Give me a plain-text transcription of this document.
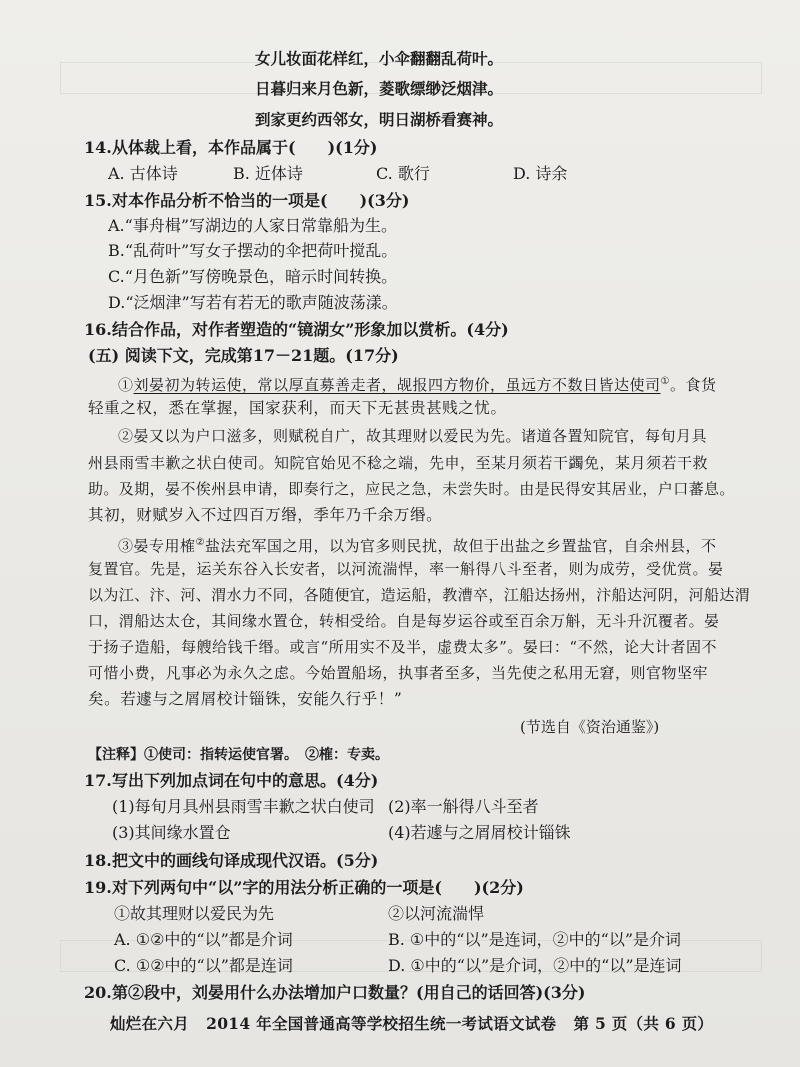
女儿妆面花样红，小伞翻翻乱荷叶。
日暮归来月色新，菱歌缥缈泛烟津。
到家更约西邻女，明日湖桥看赛神。
14.从体裁上看，本作品属于(　　)(1分)
A. 古体诗	B. 近体诗	C. 歌行	D. 诗余
15.对本作品分析不恰当的一项是(　　)(3分)
A.“事舟楫”写湖边的人家日常靠船为生。
B.“乱荷叶”写女子摆动的伞把荷叶搅乱。
C.“月色新”写傍晚景色，暗示时间转换。
D.“泛烟津”写若有若无的歌声随波荡漾。
16.结合作品，对作者塑造的“镜湖女”形象加以赏析。(4分)
(五) 阅读下文，完成第17－21题。(17分)
①刘晏初为转运使，常以厚直募善走者，觇报四方物价，虽远方不数日皆达使司①。食货
轻重之权，悉在掌握，国家获利，而天下无甚贵甚贱之忧。
②晏又以为户口滋多，则赋税自广，故其理财以爱民为先。诸道各置知院官，每旬月具
州县雨雪丰歉之状白使司。知院官始见不稔之端，先申，至某月须若干蠲免，某月须若干救
助。及期，晏不俟州县申请，即奏行之，应民之急，未尝失时。由是民得安其居业，户口蕃息。
其初，财赋岁入不过四百万缗，季年乃千余万缗。
③晏专用榷②盐法充军国之用，以为官多则民扰，故但于出盐之乡置盐官，自余州县，不
复置官。先是，运关东谷入长安者，以河流湍悍，率一斛得八斗至者，则为成劳，受优赏。晏
以为江、汴、河、渭水力不同，各随便宜，造运船，教漕卒，江船达扬州，汴船达河阴，河船达渭
口，渭船达太仓，其间缘水置仓，转相受给。自是每岁运谷或至百余万斛，无斗升沉覆者。晏
于扬子造船，每艘给钱千缗。或言“所用实不及半，虚费太多”。晏曰：“不然，论大计者固不
可惜小费，凡事必为永久之虑。今始置船场，执事者至多，当先使之私用无窘，则官物坚牢
矣。若遽与之屑屑校计锱铢，安能久行乎！”
(节选自《资治通鉴》)
【注释】①使司：指转运使官署。　②榷：专卖。
17.写出下列加点词在句中的意思。(4分)
(1)每旬月具州县雨雪丰歉之状白使司 (2)率一斛得八斗至者
(3)其间缘水置仓	(4)若遽与之屑屑校计锱铢
18.把文中的画线句译成现代汉语。(5分)
19.对下列两句中“以”字的用法分析正确的一项是(　　)(2分)
①故其理财以爱民为先	②以河流湍悍
A. ①②中的“以”都是介词	B. ①中的“以”是连词，②中的“以”是介词
C. ①②中的“以”都是连词	D. ①中的“以”是介词，②中的“以”是连词
20.第②段中，刘晏用什么办法增加户口数量？(用自己的话回答)(3分)
灿烂在六月 2014 年全国普通高等学校招生统一考试语文试卷 第 5 页（共 6 页）
